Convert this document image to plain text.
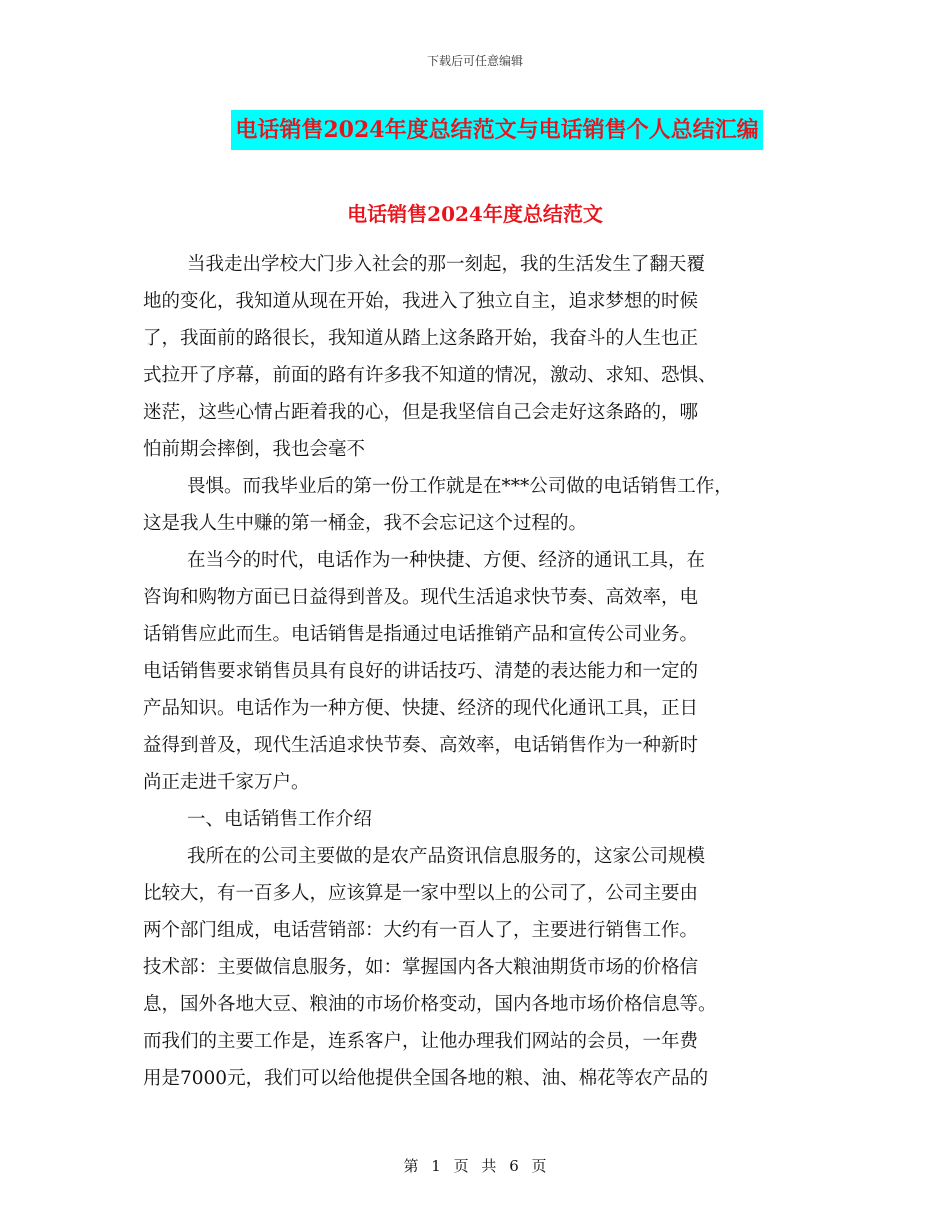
下载后可任意编辑
电话销售2024年度总结范文与电话销售个人总结汇编
电话销售2024年度总结范文
当我走出学校大门步入社会的那一刻起，我的生活发生了翻天覆
地的变化，我知道从现在开始，我进入了独立自主，追求梦想的时候
了，我面前的路很长，我知道从踏上这条路开始，我奋斗的人生也正
式拉开了序幕，前面的路有许多我不知道的情况，激动、求知、恐惧、
迷茫，这些心情占距着我的心，但是我坚信自己会走好这条路的，哪
怕前期会摔倒，我也会毫不
畏惧。而我毕业后的第一份工作就是在***公司做的电话销售工作，
这是我人生中赚的第一桶金，我不会忘记这个过程的。
在当今的时代，电话作为一种快捷、方便、经济的通讯工具，在
咨询和购物方面已日益得到普及。现代生活追求快节奏、高效率，电
话销售应此而生。电话销售是指通过电话推销产品和宣传公司业务。
电话销售要求销售员具有良好的讲话技巧、清楚的表达能力和一定的
产品知识。电话作为一种方便、快捷、经济的现代化通讯工具，正日
益得到普及，现代生活追求快节奏、高效率，电话销售作为一种新时
尚正走进千家万户。
一、电话销售工作介绍
我所在的公司主要做的是农产品资讯信息服务的，这家公司规模
比较大，有一百多人，应该算是一家中型以上的公司了，公司主要由
两个部门组成，电话营销部：大约有一百人了，主要进行销售工作。
技术部：主要做信息服务，如：掌握国内各大粮油期货市场的价格信
息，国外各地大豆、粮油的市场价格变动，国内各地市场价格信息等。
而我们的主要工作是，连系客户，让他办理我们网站的会员，一年费
用是7000元，我们可以给他提供全国各地的粮、油、棉花等农产品的
第 1 页 共 6 页
